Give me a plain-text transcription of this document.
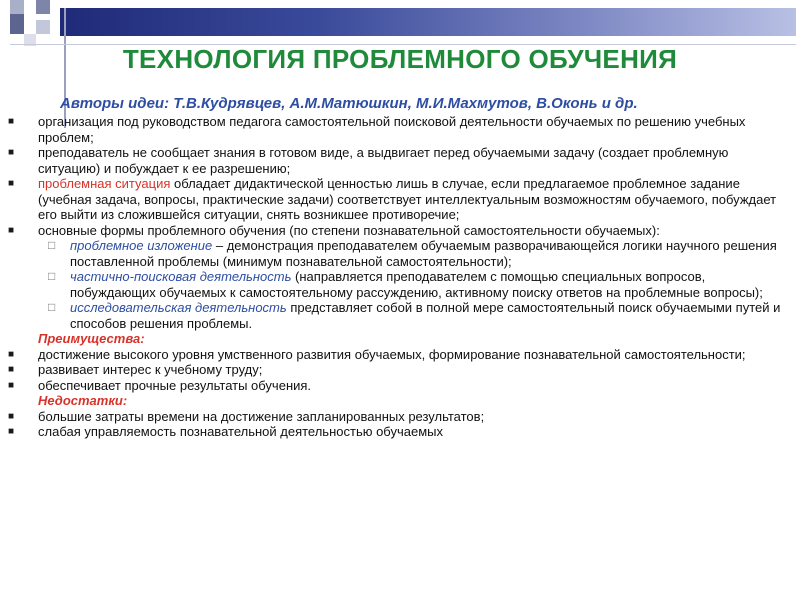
ТЕХНОЛОГИЯ ПРОБЛЕМНОГО ОБУЧЕНИЯ
Авторы идеи: Т.В.Кудрявцев, А.М.Матюшкин, М.И.Махмутов, В.Оконь и др.
■ организация под руководством педагога самостоятельной поисковой деятельности обучаемых по решению учебных проблем;
■ преподаватель не сообщает знания в готовом виде, а выдвигает перед обучаемыми задачу (создает проблемную ситуацию) и побуждает к ее разрешению;
■ проблемная ситуация обладает дидактической ценностью лишь в случае, если предлагаемое проблемное задание (учебная задача, вопросы, практические задачи) соответствует интеллектуальным возможностям обучаемого, побуждает его выйти из сложившейся ситуации, снять возникшее противоречие;
■ основные формы проблемного обучения (по степени познавательной самостоятельности обучаемых):
□ проблемное изложение – демонстрация преподавателем обучаемым разворачивающейся логики научного решения поставленной проблемы (минимум познавательной самостоятельности);
□ частично-поисковая деятельность (направляется преподавателем с помощью специальных вопросов, побуждающих обучаемых к самостоятельному рассуждению, активному поиску ответов на проблемные вопросы);
□ исследовательская деятельность представляет собой в полной мере самостоятельный поиск обучаемыми путей и способов решения проблемы.
Преимущества:
■ достижение высокого уровня умственного развития обучаемых, формирование познавательной самостоятельности;
■ развивает интерес к учебному труду;
■ обеспечивает прочные результаты обучения.
Недостатки:
■ большие затраты времени на достижение запланированных результатов;
■ слабая управляемость познавательной деятельностью обучаемых
